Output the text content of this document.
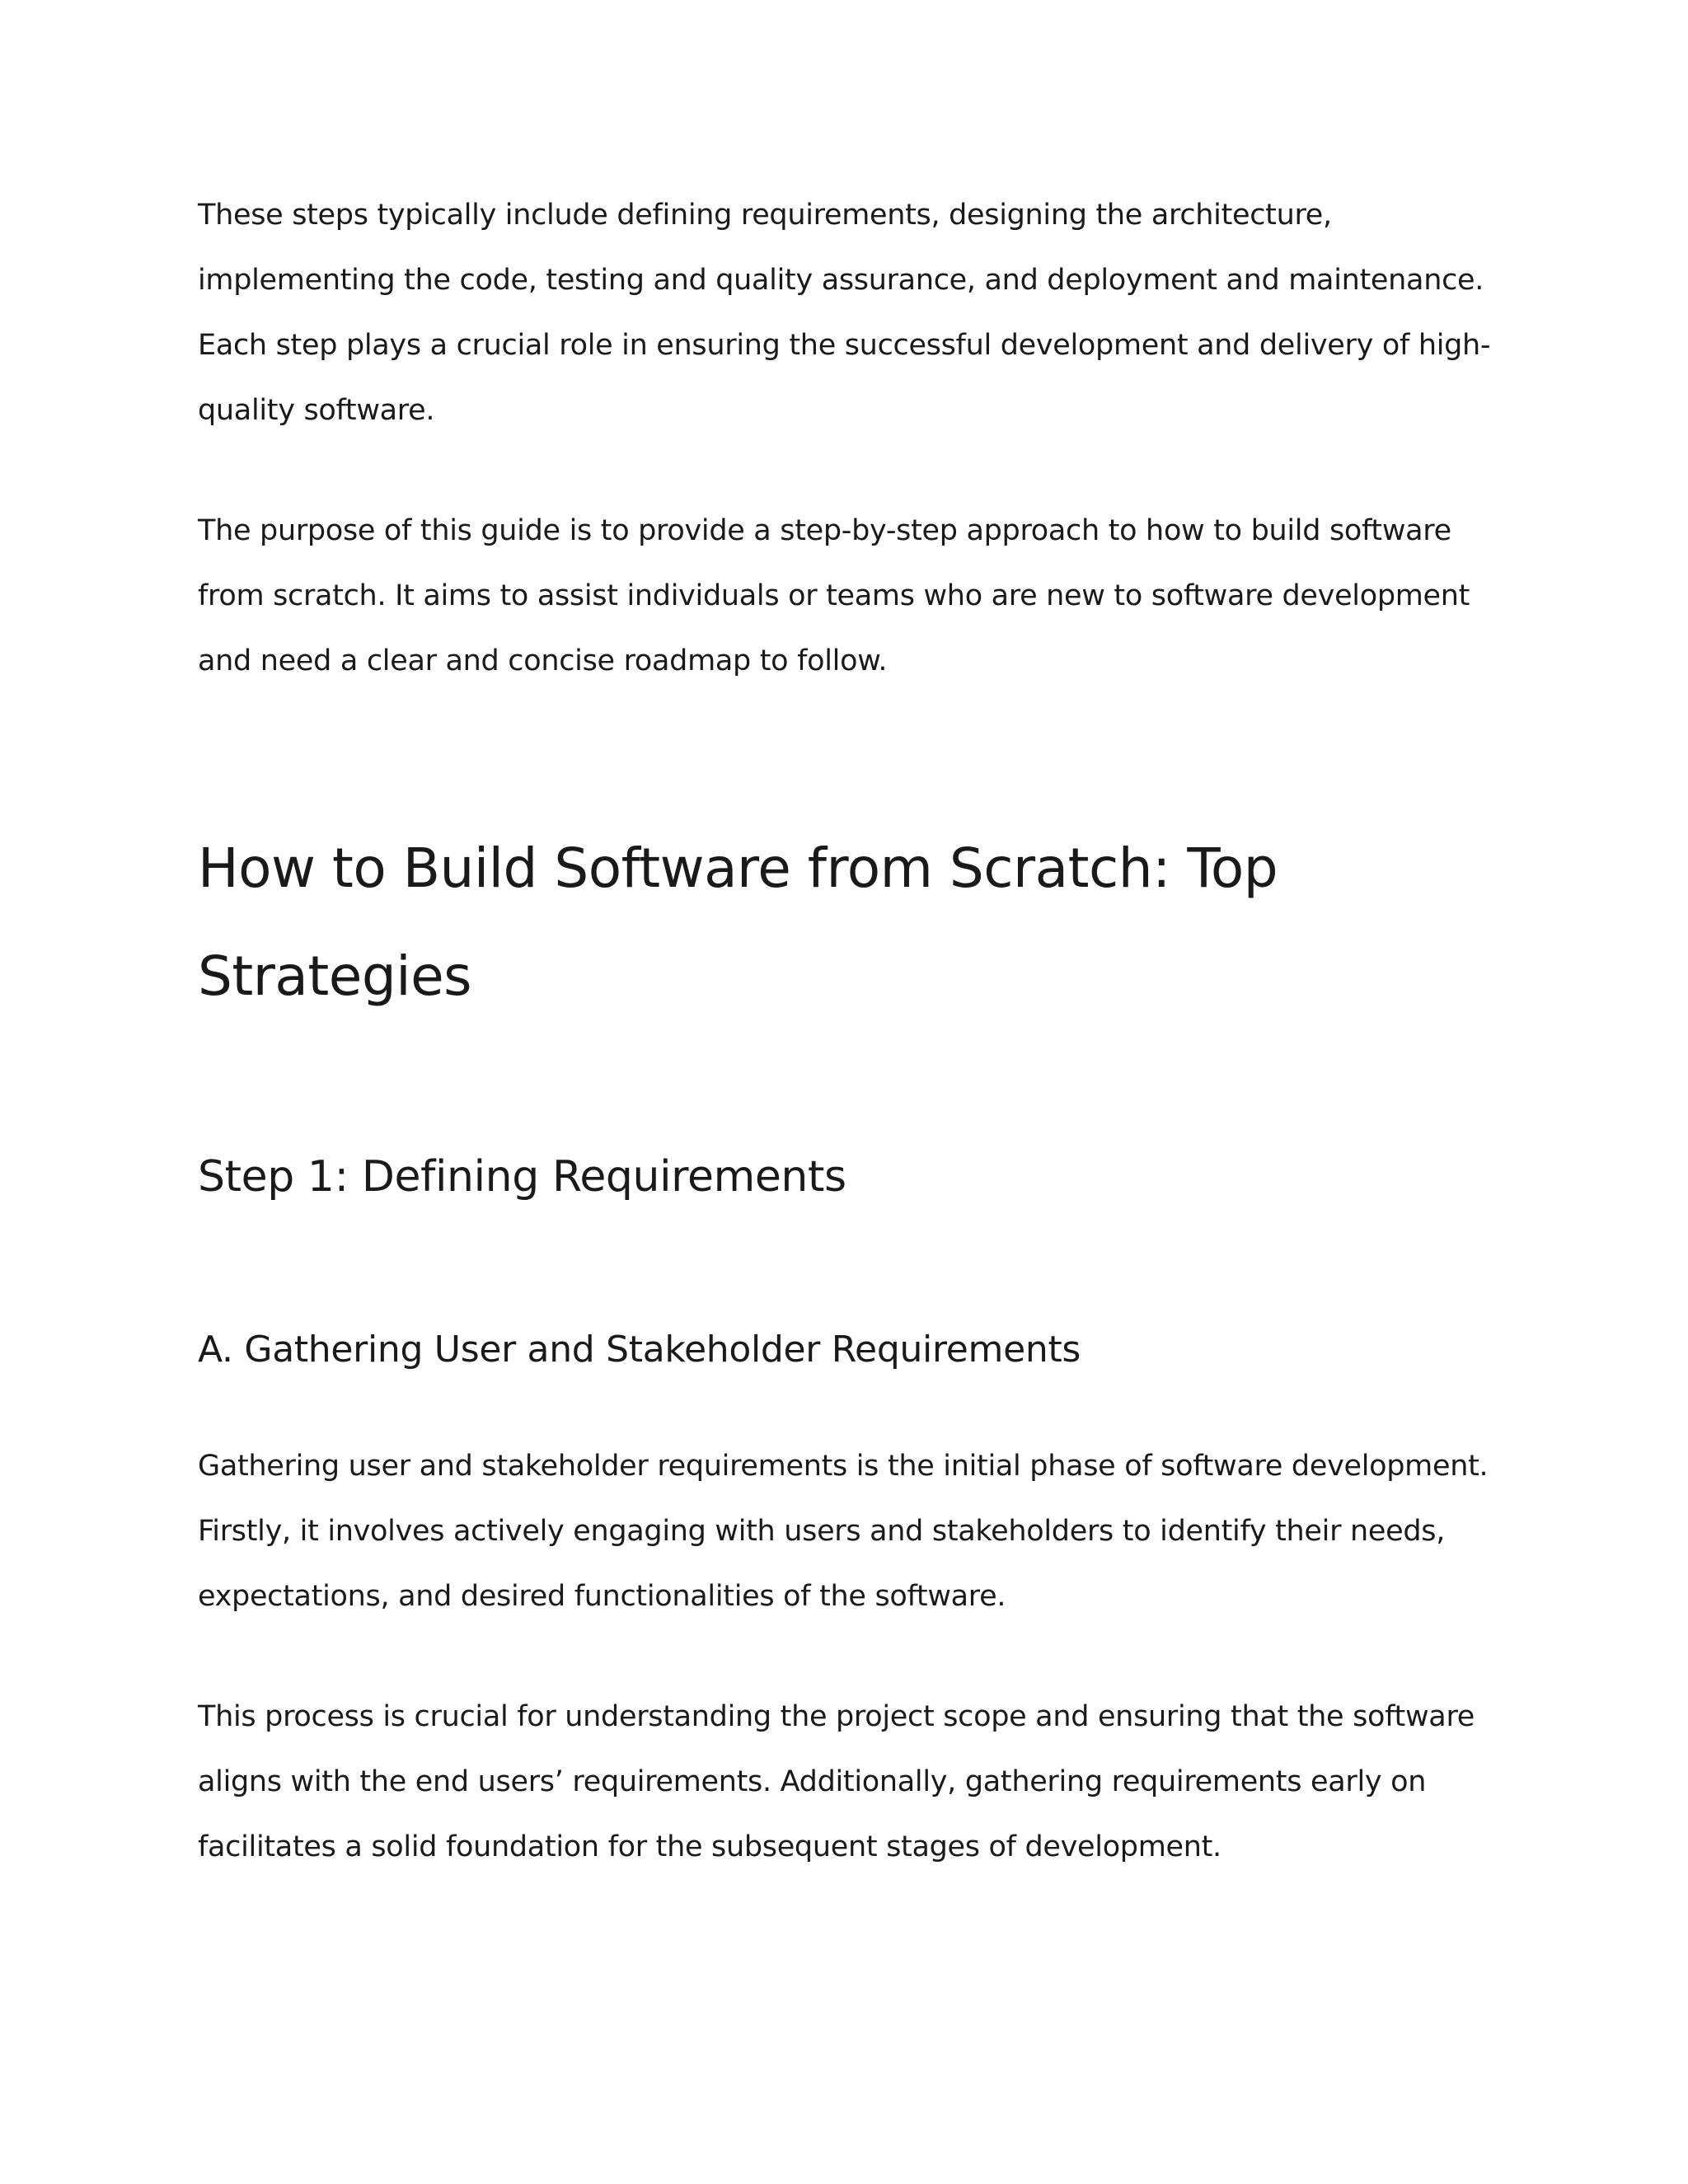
These steps typically include defining requirements, designing the architecture, implementing the code, testing and quality assurance, and deployment and maintenance. Each step plays a crucial role in ensuring the successful development and delivery of high-quality software.

The purpose of this guide is to provide a step-by-step approach to how to build software from scratch. It aims to assist individuals or teams who are new to software development and need a clear and concise roadmap to follow.

How to Build Software from Scratch: Top Strategies
Step 1: Defining Requirements
A. Gathering User and Stakeholder Requirements

Gathering user and stakeholder requirements is the initial phase of software development. Firstly, it involves actively engaging with users and stakeholders to identify their needs, expectations, and desired functionalities of the software.

This process is crucial for understanding the project scope and ensuring that the software aligns with the end users’ requirements. Additionally, gathering requirements early on facilitates a solid foundation for the subsequent stages of development.
